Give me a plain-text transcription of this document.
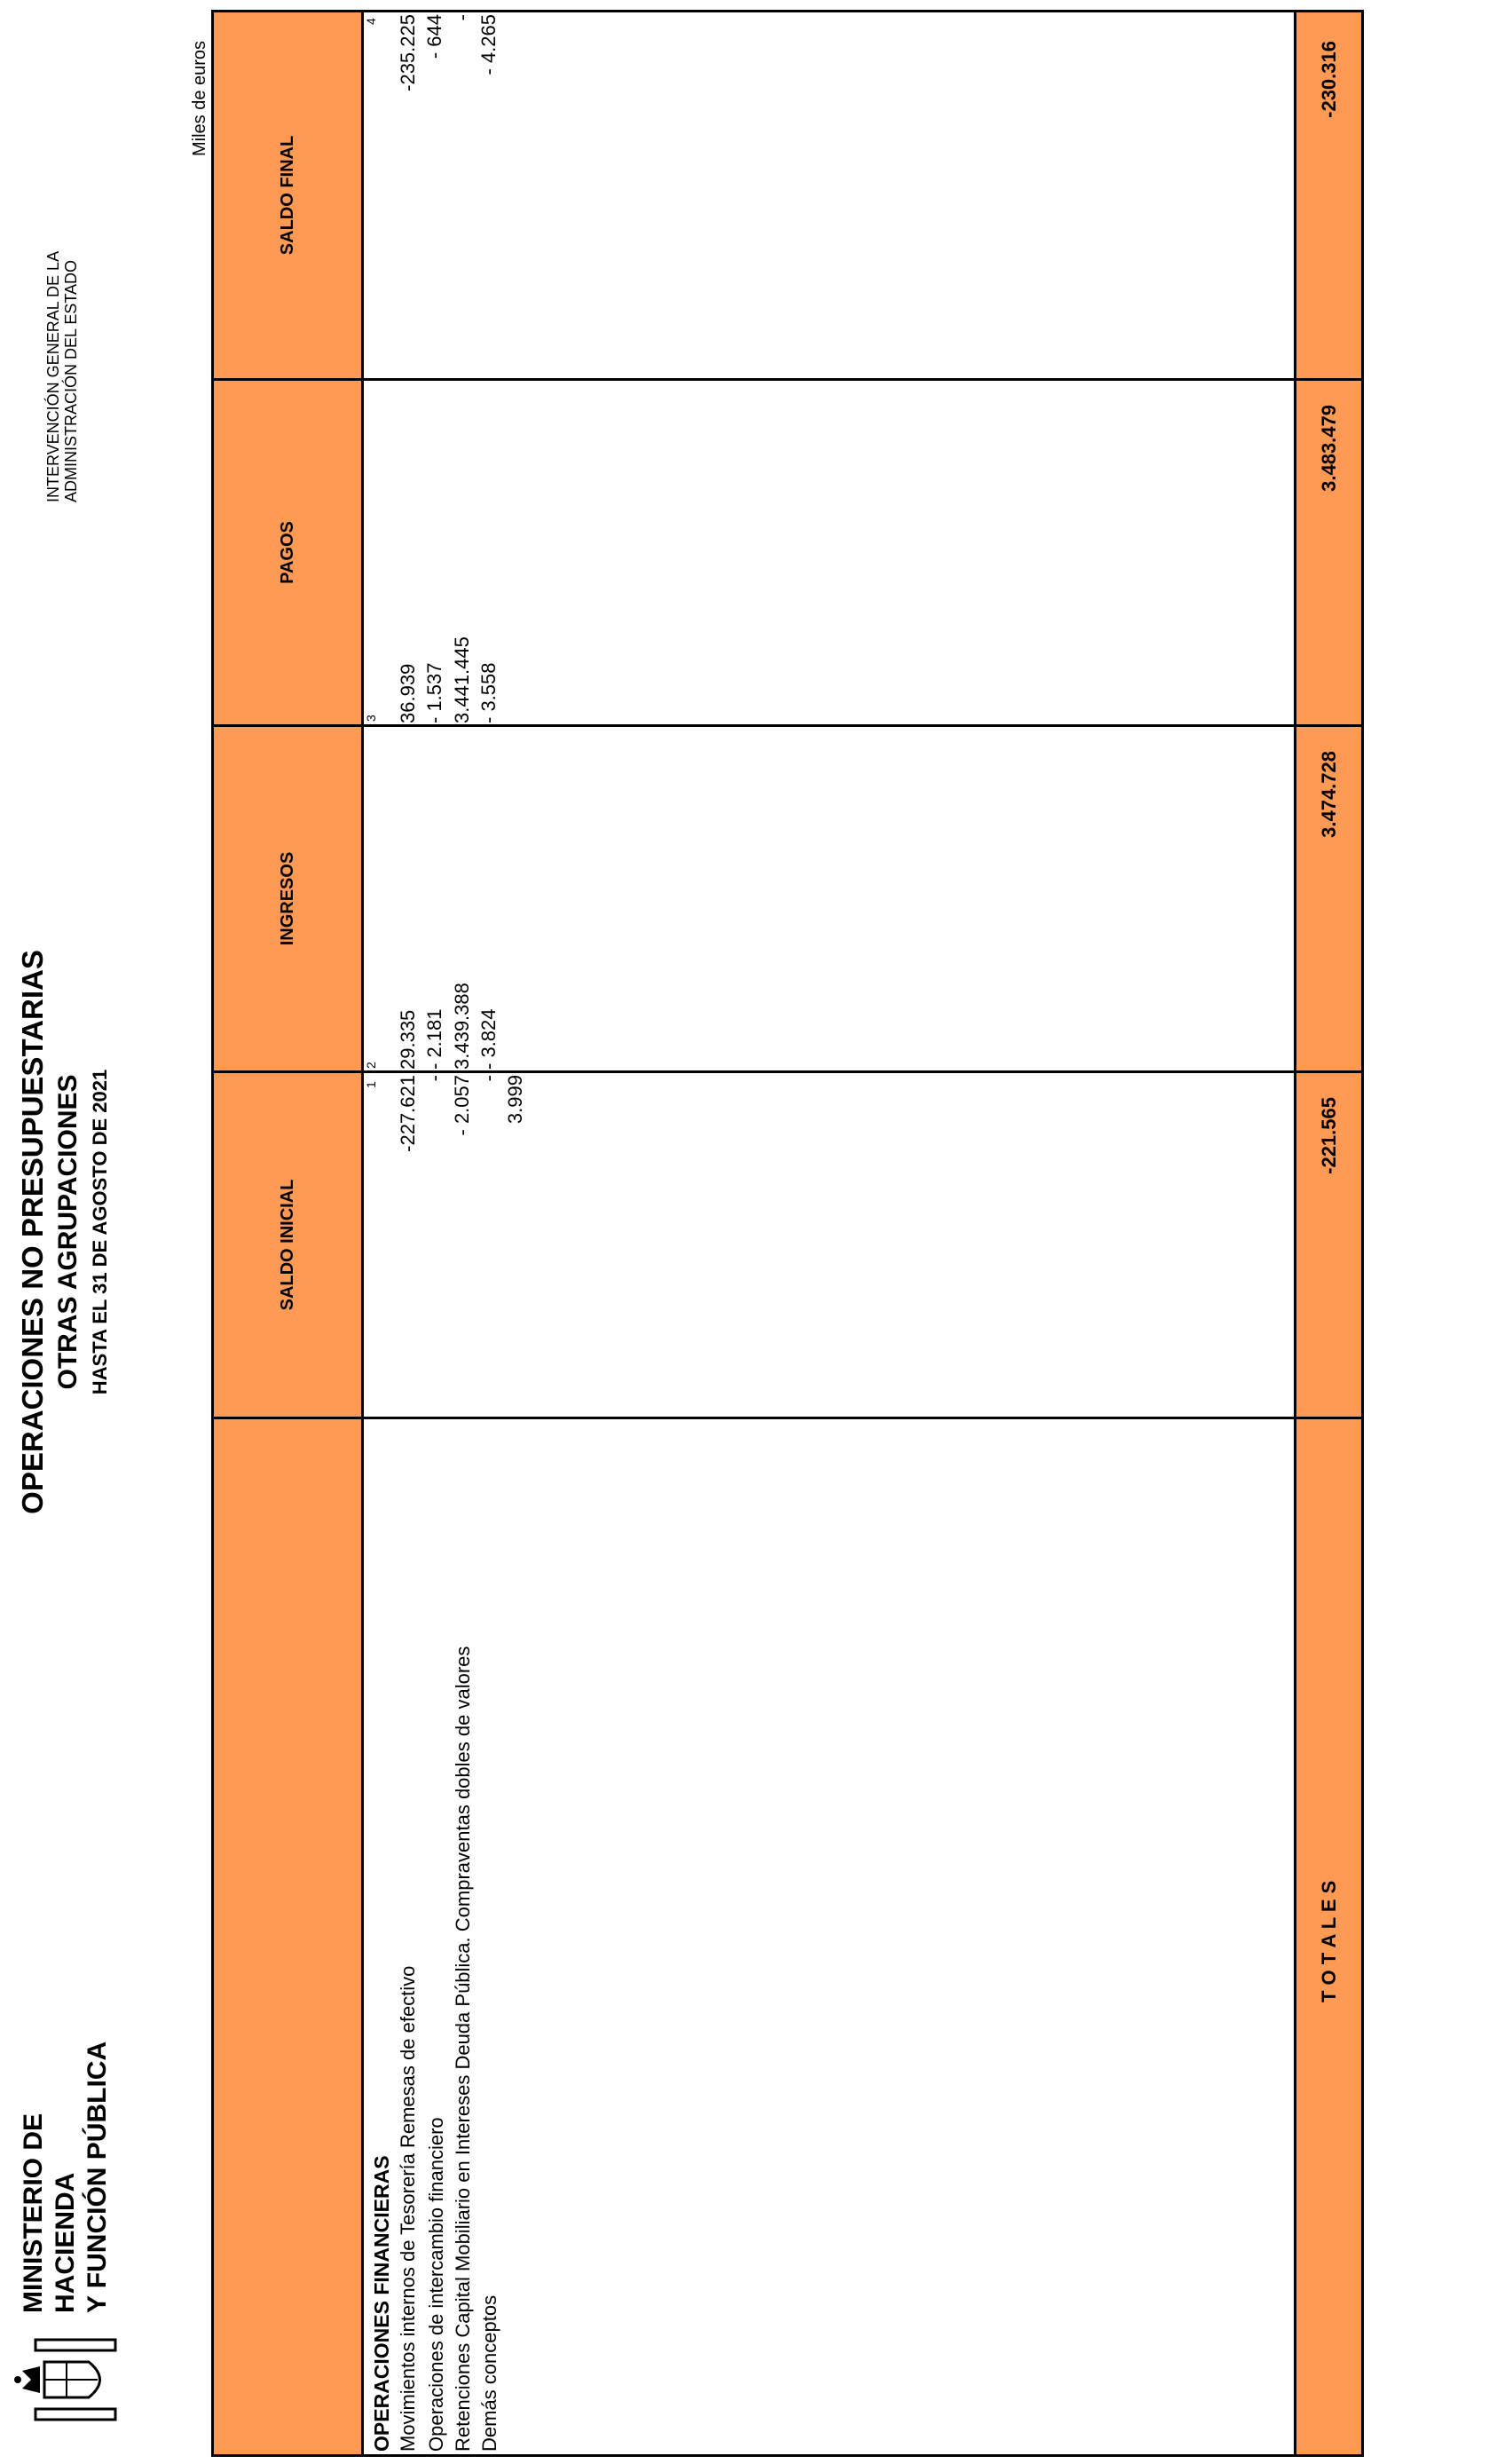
MINISTERIO DE HACIENDA Y FUNCIÓN PÚBLICA
OPERACIONES NO PRESUPUESTARIAS OTRAS AGRUPACIONES HASTA EL 31 DE AGOSTO DE 2021
INTERVENCIÓN GENERAL DE LA ADMINISTRACIÓN DEL ESTADO
Miles de euros
SALDO INICIAL
INGRESOS
PAGOS
SALDO FINAL
1
2
3
4
OPERACIONES FINANCIERAS Movimientos internos de Tesorería Remesas de efectivo Operaciones de intercambio financiero Retenciones Capital Mobiliario en Intereses Deuda Pública. Compraventas dobles de valores Demás conceptos
-227.621 - - 2.057 - 3.999
29.335 - 2.181 3.439.388 - 3.824
36.939 - 1.537 3.441.445 - 3.558
-235.225 - 644 - - 4.265
T O T A L E S
-221.565
3.474.728
3.483.479
-230.316
